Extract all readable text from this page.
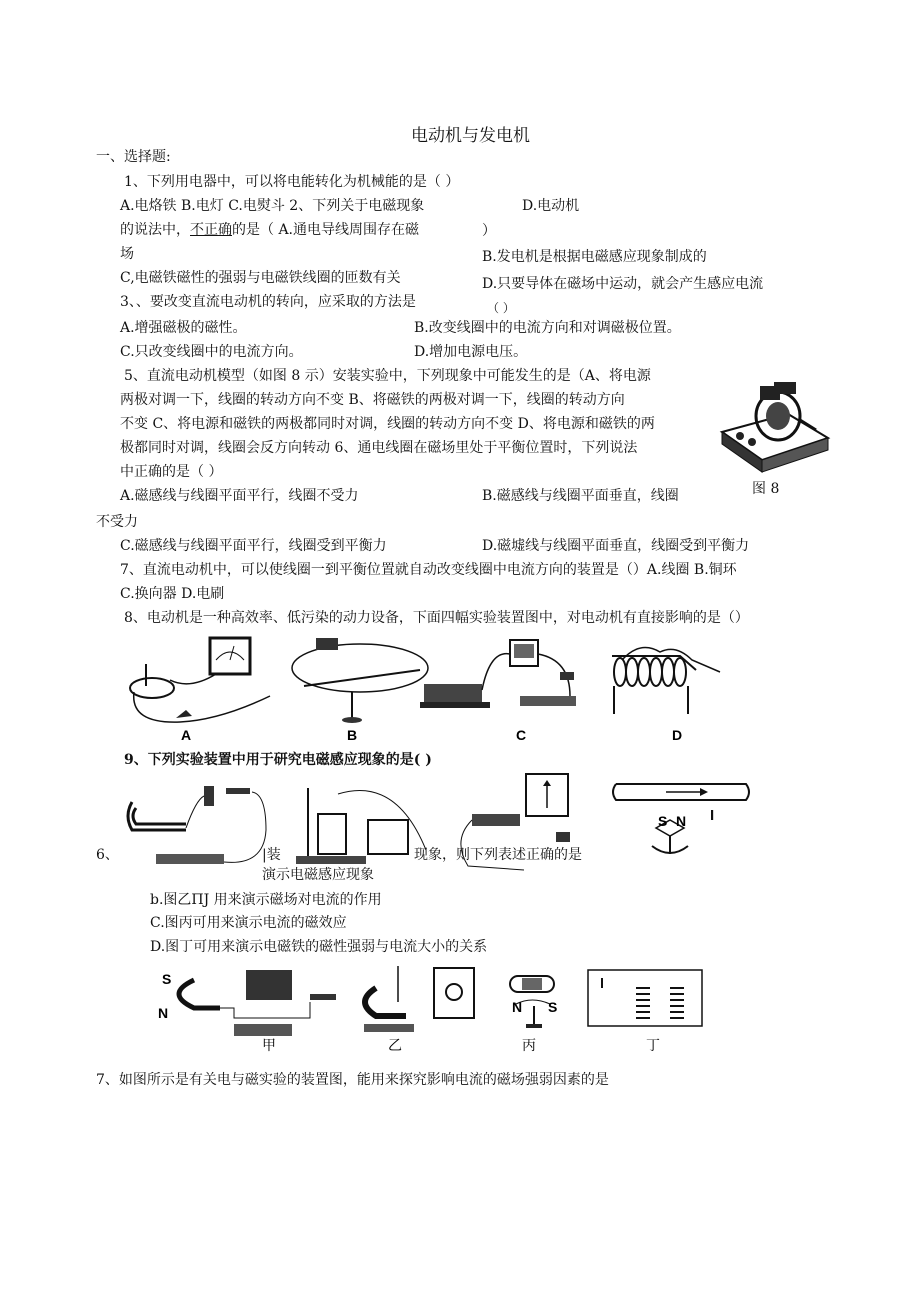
电动机与发电机
一、选择题:
1、下列用电器中，可以将电能转化为机械能的是（ ）
A.电烙铁 B.电灯 C.电熨斗 2、下列关于电磁现象	D.电动机
的说法中，不正确的是（ A.通电导线周围存在磁	）
场	B.发电机是根据电磁感应现象制成的
C,电磁铁磁性的强弱与电磁铁线圈的匝数有关	D.只要导体在磁场中运动，就会产生感应电流
3、、要改变直流电动机的转向，应采取的方法是	（ ）
A.增强磁极的磁性。	B.改变线圈中的电流方向和对调磁极位置。
C.只改变线圈中的电流方向。	D.增加电源电压。
5、直流电动机模型（如图 8 示）安装实验中，下列现象中可能发生的是（A、将电源
两极对调一下，线圈的转动方向不变 B、将磁铁的两极对调一下，线圈的转动方向
不变 C、将电源和磁铁的两极都同时对调，线圈的转动方向不变 D、将电源和磁铁的两
极都同时对调，线圈会反方向转动 6、通电线圈在磁场里处于平衡位置时，下列说法
中正确的是（ ）
图 8
A.磁感线与线圈平面平行，线圈不受力	B.磁感线与线圈平面垂直，线圈
不受力
C.磁感线与线圈平面平行，线圈受到平衡力	D.磁墟线与线圈平面垂直，线圈受到平衡力
7、直流电动机中，可以使线圈一到平衡位置就自动改变线圈中电流方向的装置是（）A.线圈 B.铜环
C.换向器 D.电刷
8、电动机是一种高效率、低污染的动力设备，下面四幅实验装置图中，对电动机有直接影响的是（）
A	B	C	D
9、下列实验装置中用于研究电磁感应现象的是( )
S N I
6、	|装	现象，则下列表述正确的是
演示电磁感应现象
b.图乙ΠJ 用来演示磁场对电流的作用
C.图丙可用来演示电流的磁效应
D.图丁可用来演示电磁铁的磁性强弱与电流大小的关系
S
N	N S
甲	乙	丙	丁
7、如图所示是有关电与磁实验的装置图，能用来探究影响电流的磁场强弱因素的是
